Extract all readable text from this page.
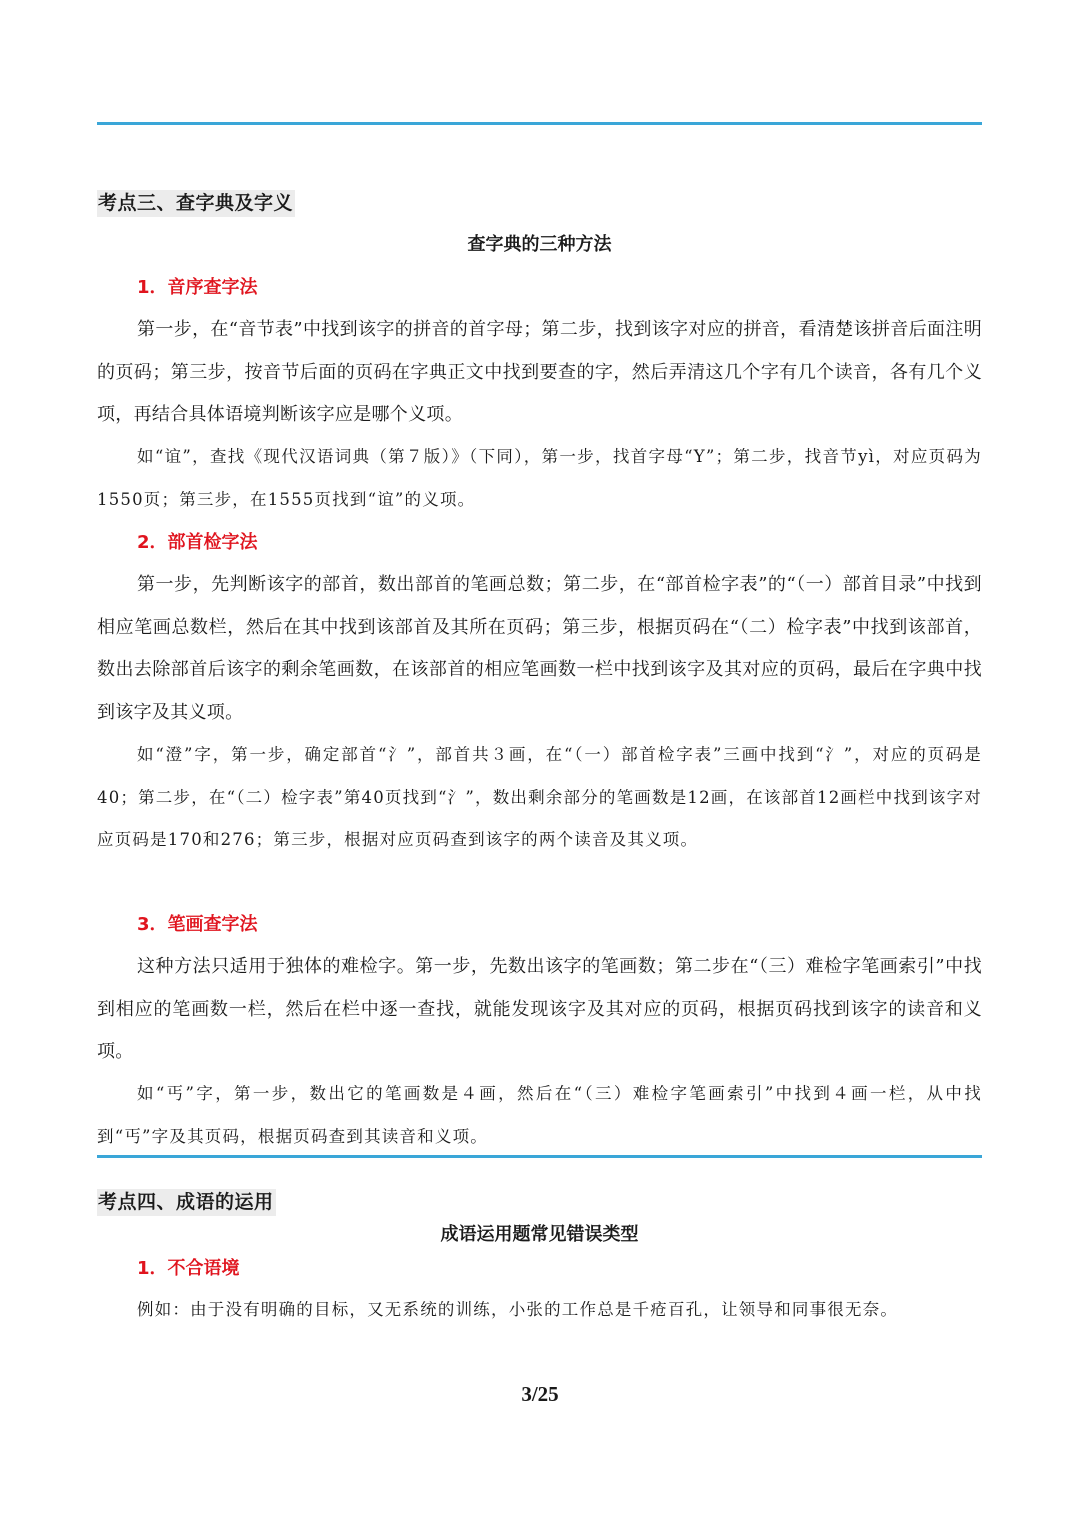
考点三、查字典及字义
查字典的三种方法
1．音序查字法
第一步，在“音节表”中找到该字的拼音的首字母；第二步，找到该字对应的拼音，看清楚该拼音后面注明的页码；第三步，按音节后面的页码在字典正文中找到要查的字，然后弄清这几个字有几个读音，各有几个义项，再结合具体语境判断该字应是哪个义项。
如“谊”，查找《现代汉语词典（第７版）》（下同），第一步，找首字母“Y”；第二步，找音节yì，对应页码为1550页；第三步，在1555页找到“谊”的义项。
2．部首检字法
第一步，先判断该字的部首，数出部首的笔画总数；第二步，在“部首检字表”的“（一）部首目录”中找到相应笔画总数栏，然后在其中找到该部首及其所在页码；第三步，根据页码在“（二）检字表”中找到该部首，数出去除部首后该字的剩余笔画数，在该部首的相应笔画数一栏中找到该字及其对应的页码，最后在字典中找到该字及其义项。
如“澄”字，第一步，确定部首“氵”，部首共３画，在“（一）部首检字表”三画中找到“氵”，对应的页码是40；第二步，在“（二）检字表”第40页找到“氵”，数出剩余部分的笔画数是12画，在该部首12画栏中找到该字对应页码是170和276；第三步，根据对应页码查到该字的两个读音及其义项。
3．笔画查字法
这种方法只适用于独体的难检字。第一步，先数出该字的笔画数；第二步在“（三）难检字笔画索引”中找到相应的笔画数一栏，然后在栏中逐一查找，就能发现该字及其对应的页码，根据页码找到该字的读音和义项。
如“丐”字，第一步，数出它的笔画数是４画，然后在“（三）难检字笔画索引”中找到４画一栏，从中找到“丐”字及其页码，根据页码查到其读音和义项。
考点四、成语的运用
成语运用题常见错误类型
1．不合语境
例如：由于没有明确的目标，又无系统的训练，小张的工作总是千疮百孔，让领导和同事很无奈。
3/25
